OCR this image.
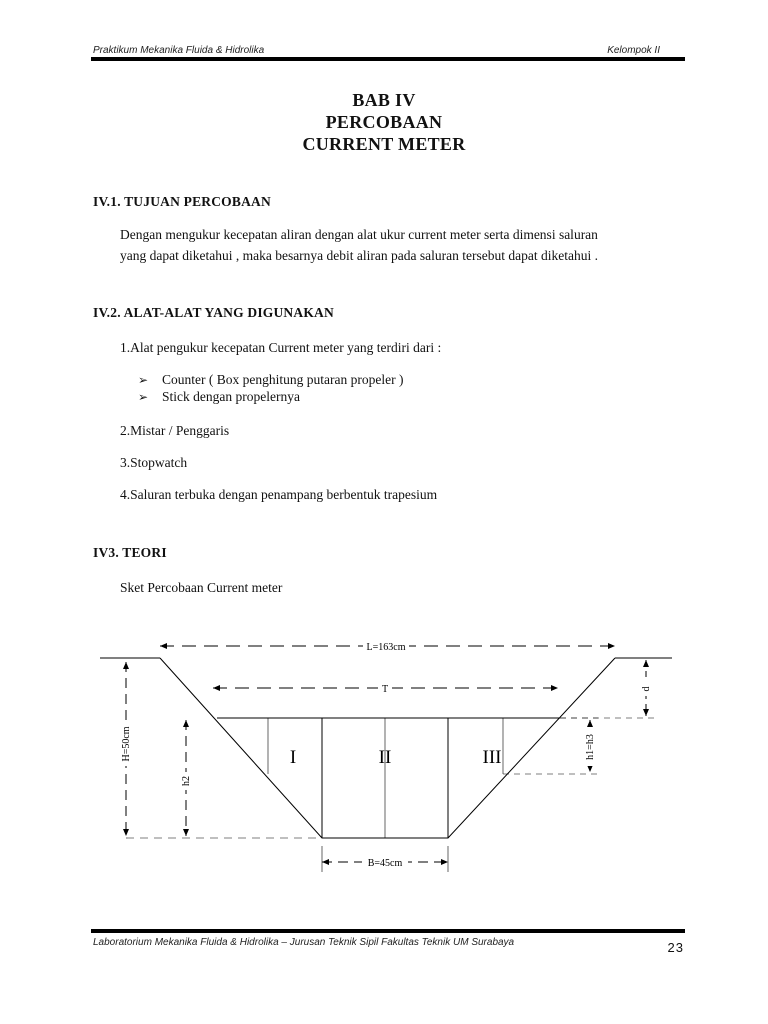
Praktikum Mekanika Fluida & Hidrolika	Kelompok II
BAB IV
PERCOBAAN
CURRENT METER
IV.1. TUJUAN PERCOBAAN
Dengan mengukur kecepatan aliran dengan alat ukur current meter serta dimensi saluran
yang dapat diketahui , maka besarnya debit aliran pada saluran tersebut dapat diketahui .
IV.2. ALAT-ALAT YANG DIGUNAKAN
1.Alat pengukur kecepatan Current meter yang terdiri dari :
➢ Counter ( Box penghitung putaran propeler )
➢ Stick dengan propelernya
2.Mistar / Penggaris
3.Stopwatch
4.Saluran terbuka dengan penampang berbentuk trapesium
IV3. TEORI
Sket Percobaan Current meter
L=163cm
T
B=45cm
H=50cm
h2
h1=h3
d
I	II	III
Laboratorium Mekanika Fluida & Hidrolika – Jurusan Teknik Sipil Fakultas Teknik UM Surabaya	23
